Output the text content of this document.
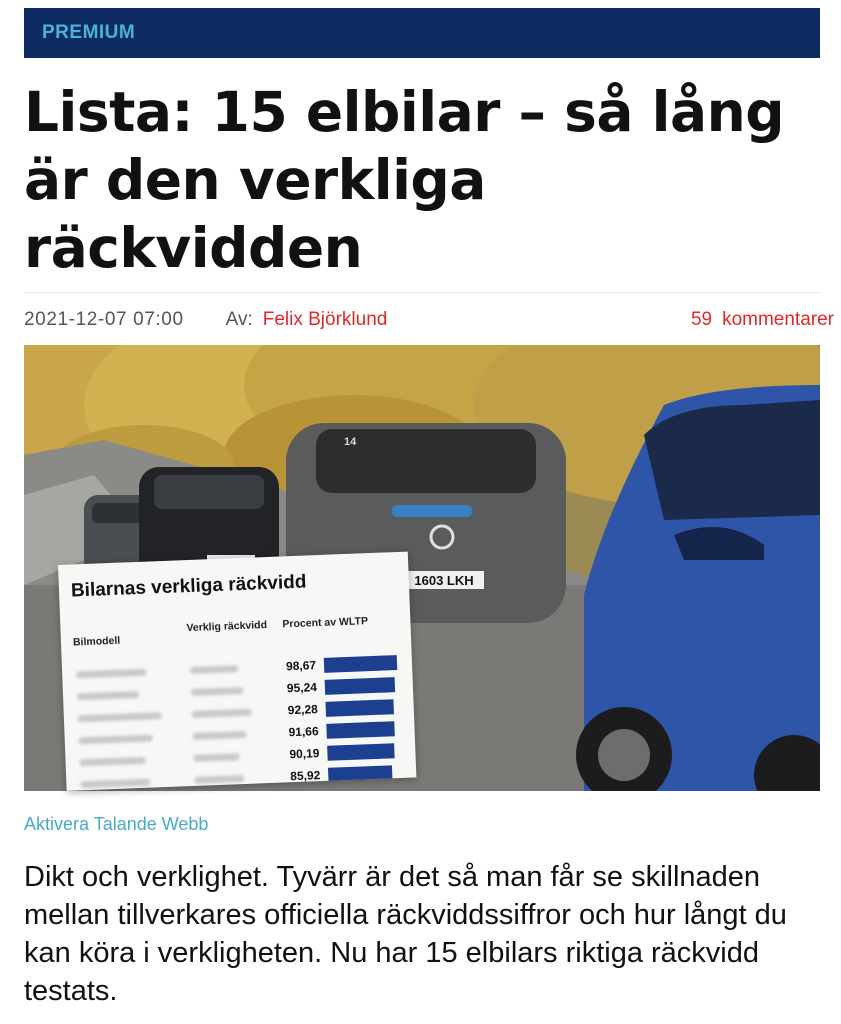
PREMIUM
Lista: 15 elbilar – så lång är den verkliga räckvidden
2021-12-07 07:00 Av: Felix Björklund	59 kommentarer
1603 LKH
14
Bilarnas verkliga räckvidd
Bilmodell
Verklig räckvidd Procent av WLTP
98,67
95,24
92,28
91,66
90,19
85,92
Aktivera Talande Webb

Dikt och verklighet. Tyvärr är det så man får se skillnaden mellan tillverkares officiella räckviddssiffror och hur långt du kan köra i verkligheten. Nu har 15 elbilars riktiga räckvidd testats.
